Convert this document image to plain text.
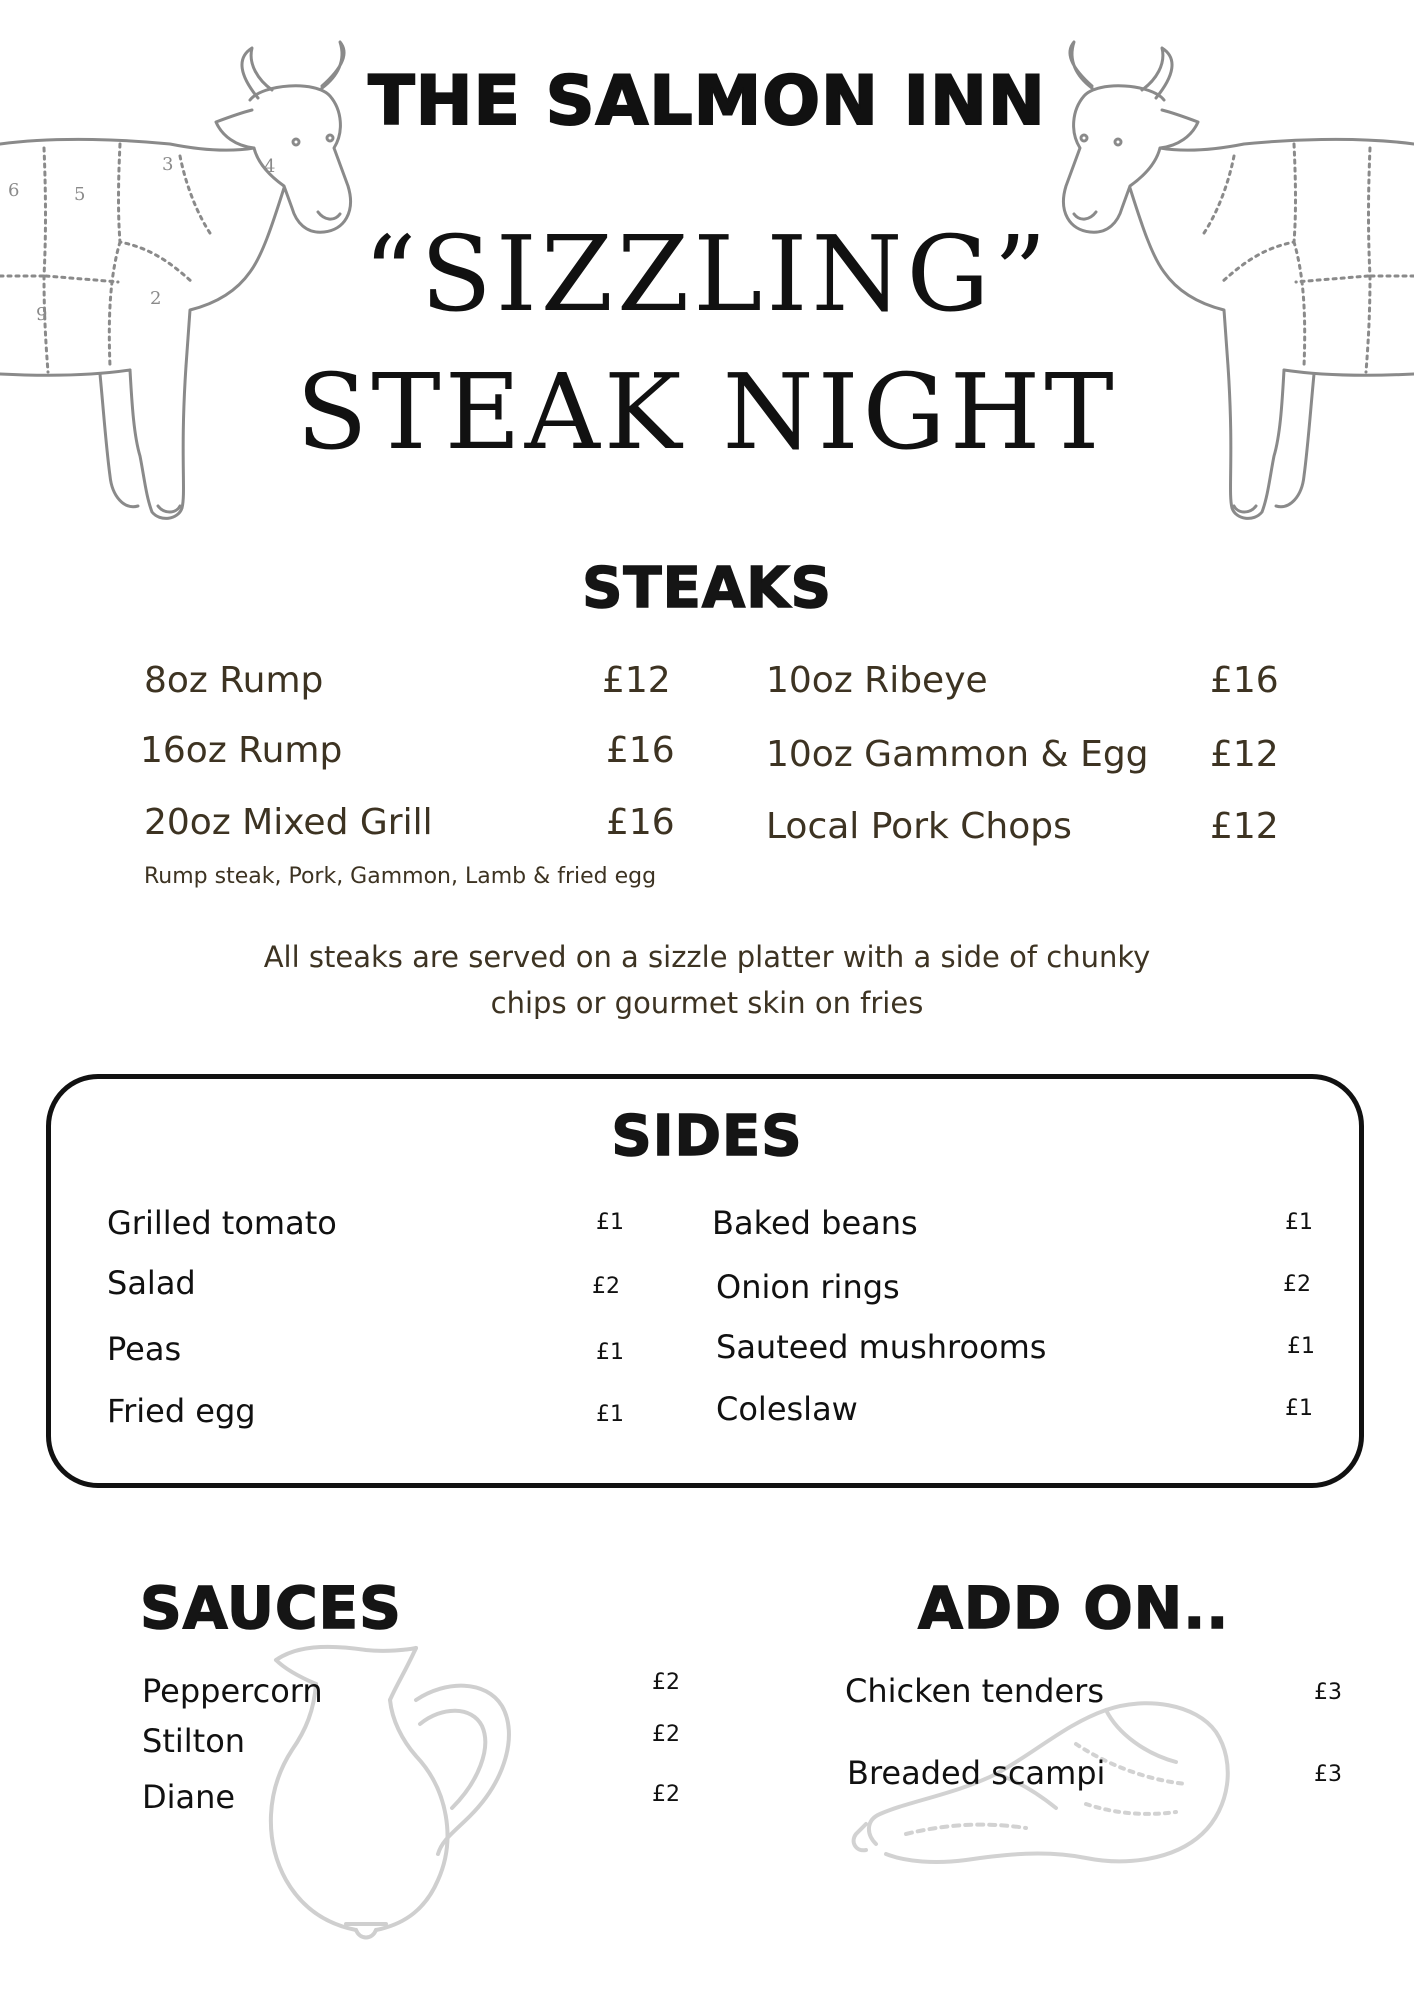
3	4
5
6
2
9
THE SALMON INN
“SIZZLING”
STEAK NIGHT
STEAKS
8oz Rump	£12
16oz Rump	£16
20oz Mixed Grill	£16
Rump steak, Pork, Gammon, Lamb & fried egg
10oz Ribeye	£16
10oz Gammon & Egg £12
Local Pork Chops	£12
All steaks are served on a sizzle platter with a side of chunky
chips or gourmet skin on fries
SIDES
Grilled tomato	£1
Salad	£2
Peas	£1
Fried egg	£1
Baked beans	£1
Onion rings	£2
Sauteed mushrooms	£1
Coleslaw	£1
SAUCES
Peppercorn	£2
Stilton	£2
Diane	£2
ADD ON..
Chicken tenders	£3
Breaded scampi	£3
